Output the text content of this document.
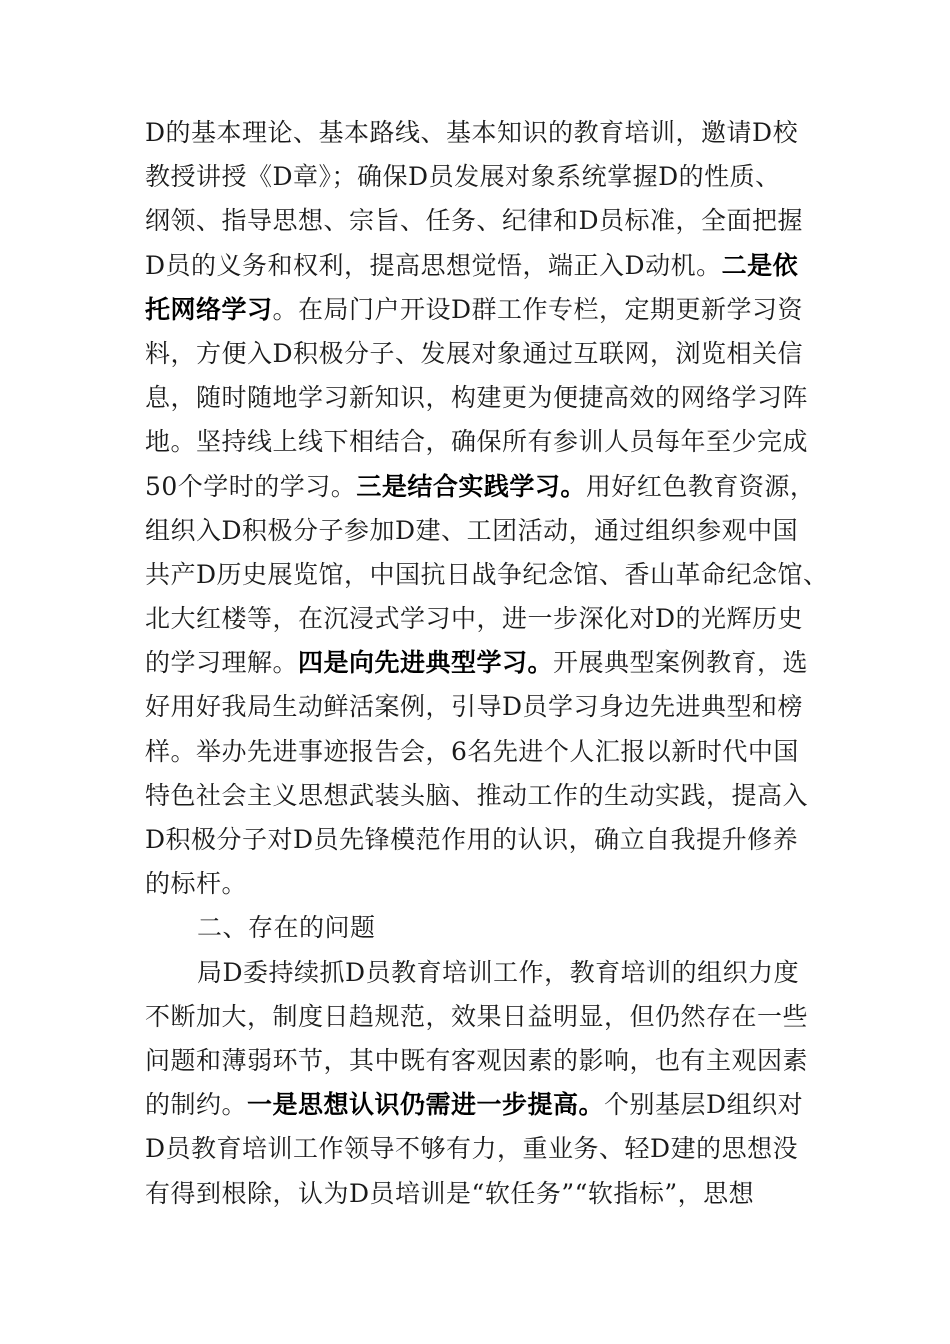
D的基本理论、基本路线、基本知识的教育培训，邀请D校
教授讲授《D章》；确保D员发展对象系统掌握D的性质、
纲领、指导思想、宗旨、任务、纪律和D员标准，全面把握
D员的义务和权利，提高思想觉悟，端正入D动机。二是依
托网络学习。在局门户开设D群工作专栏，定期更新学习资
料，方便入D积极分子、发展对象通过互联网，浏览相关信
息，随时随地学习新知识，构建更为便捷高效的网络学习阵
地。坚持线上线下相结合，确保所有参训人员每年至少完成
50个学时的学习。三是结合实践学习。用好红色教育资源，
组织入D积极分子参加D建、工团活动，通过组织参观中国
共产D历史展览馆，中国抗日战争纪念馆、香山革命纪念馆、
北大红楼等，在沉浸式学习中，进一步深化对D的光辉历史
的学习理解。四是向先进典型学习。开展典型案例教育，选
好用好我局生动鲜活案例，引导D员学习身边先进典型和榜
样。举办先进事迹报告会，6名先进个人汇报以新时代中国
特色社会主义思想武装头脑、推动工作的生动实践，提高入
D积极分子对D员先锋模范作用的认识，确立自我提升修养
的标杆。
二、存在的问题
局D委持续抓D员教育培训工作，教育培训的组织力度
不断加大，制度日趋规范，效果日益明显，但仍然存在一些
问题和薄弱环节，其中既有客观因素的影响，也有主观因素
的制约。一是思想认识仍需进一步提高。个别基层D组织对
D员教育培训工作领导不够有力，重业务、轻D建的思想没
有得到根除，认为D员培训是“软任务”“软指标”，思想
